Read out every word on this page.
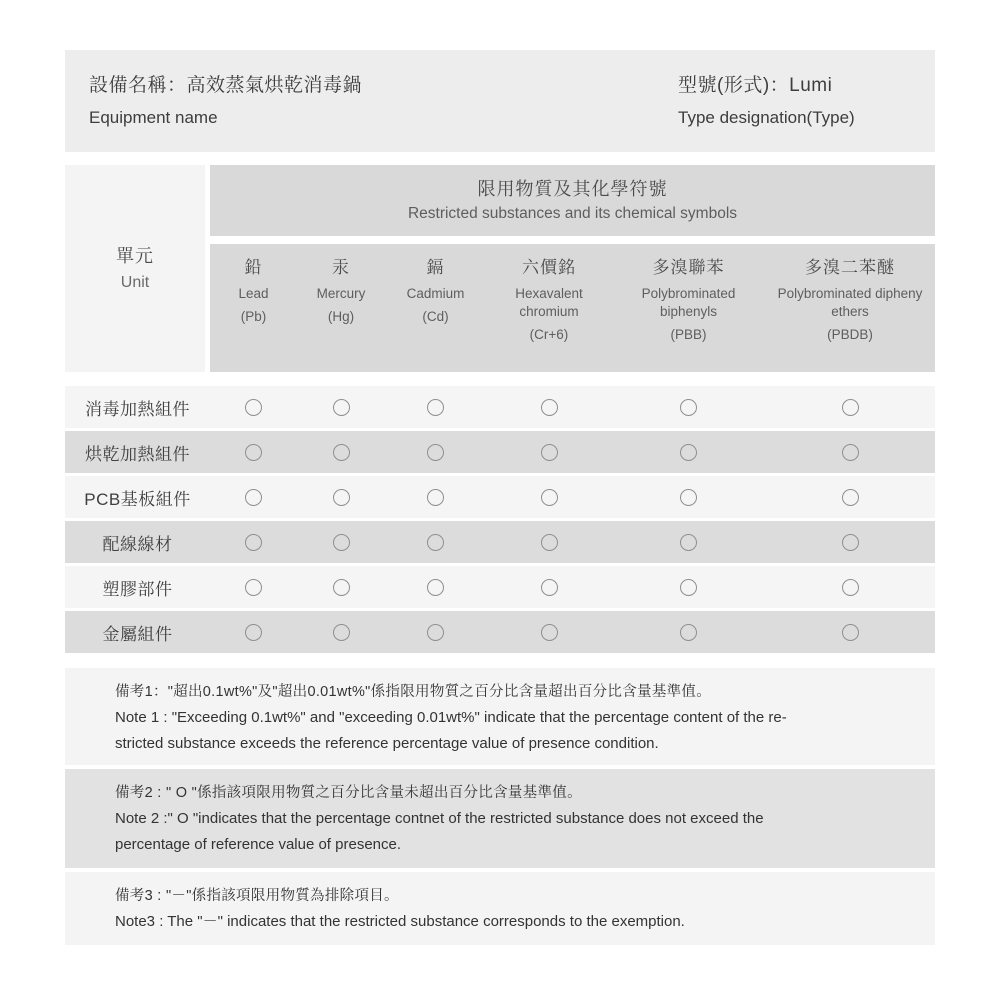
設備名稱：高效蒸氣烘乾消毒鍋
Equipment name
型號(形式)：Lumi
Type designation(Type)
單元
Unit
限用物質及其化學符號
Restricted substances and its chemical symbols
鉛
Lead
(Pb)
汞
Mercury
(Hg)
鎘
Cadmium
(Cd)
六價銘
Hexavalent chromium
(Cr+6)
多溴聯苯
Polybrominated biphenyls
(PBB)
多溴二苯醚
Polybrominated dipheny ethers
(PBDB)
消毒加熱組件
烘乾加熱組件
PCB基板組件
配線線材
塑膠部件
金屬組件
備考1："超出0.1wt%"及"超出0.01wt%"係指限用物質之百分比含量超出百分比含量基準值。
Note 1 : "Exceeding 0.1wt%" and "exceeding 0.01wt%" indicate that the percentage content of the re-
stricted substance exceeds the reference percentage value of presence condition.
備考2 : " O "係指該項限用物質之百分比含量未超出百分比含量基準值。
Note 2 :" O "indicates that the percentage contnet of the restricted substance does not exceed the
percentage of reference value of presence.
備考3 : "－"係指該項限用物質為排除項目。
Note3 : The "－" indicates that the restricted substance corresponds to the exemption.
